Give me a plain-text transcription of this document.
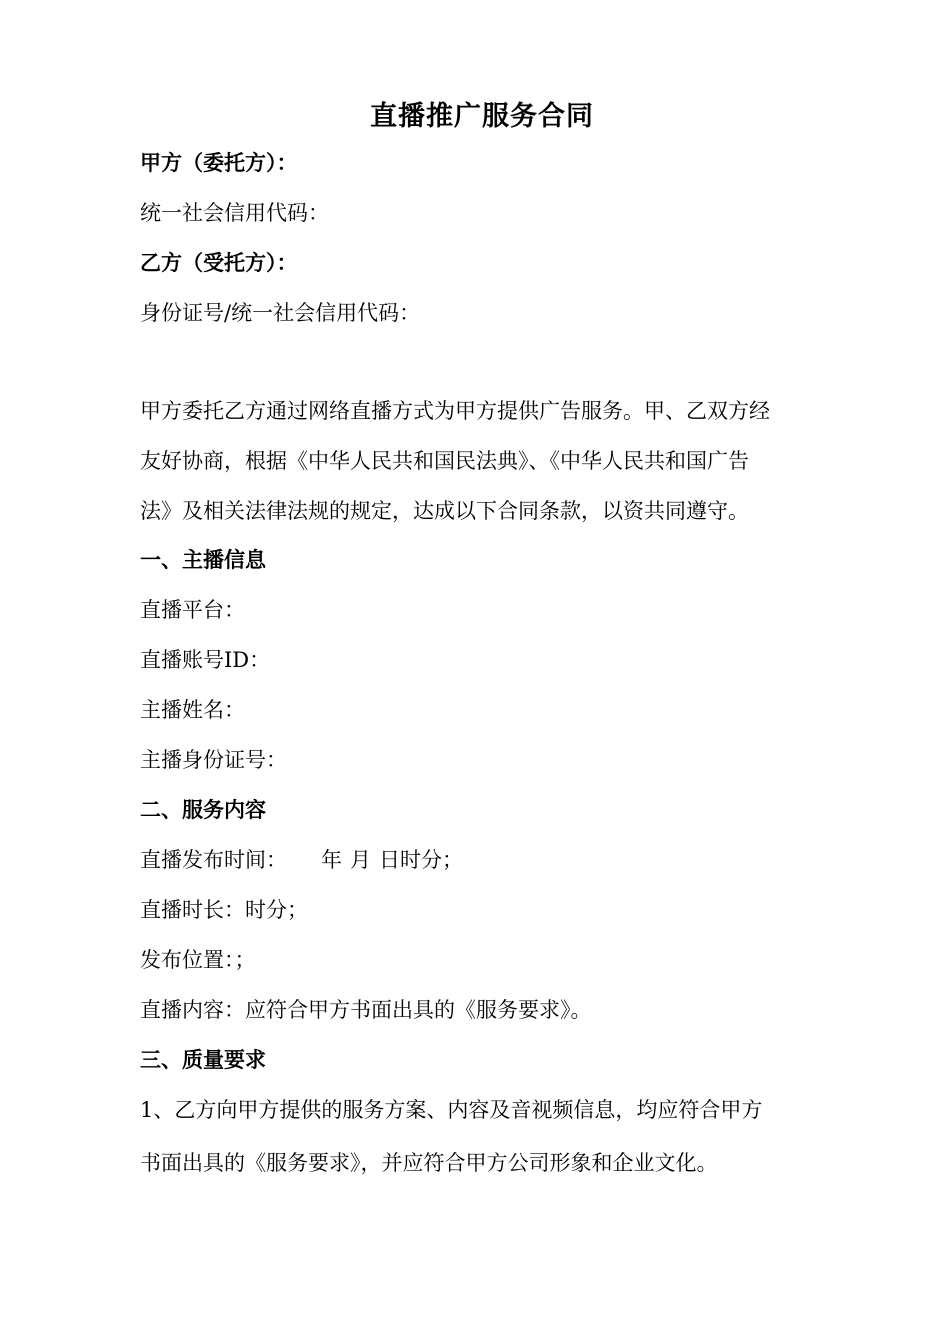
直播推广服务合同
甲方（委托方）：
统一社会信用代码：
乙方（受托方）：
身份证号/统一社会信用代码：
甲方委托乙方通过网络直播方式为甲方提供广告服务。甲、乙双方经
友好协商，根据《中华人民共和国民法典》、《中华人民共和国广告
法》及相关法律法规的规定，达成以下合同条款，以资共同遵守。
一、主播信息
直播平台：
直播账号ID：
主播姓名：
主播身份证号：
二、服务内容
直播发布时间： 年 月 日时分；
直播时长：时分；
发布位置：；
直播内容：应符合甲方书面出具的《服务要求》。
三、质量要求
1、乙方向甲方提供的服务方案、内容及音视频信息，均应符合甲方
书面出具的《服务要求》，并应符合甲方公司形象和企业文化。
